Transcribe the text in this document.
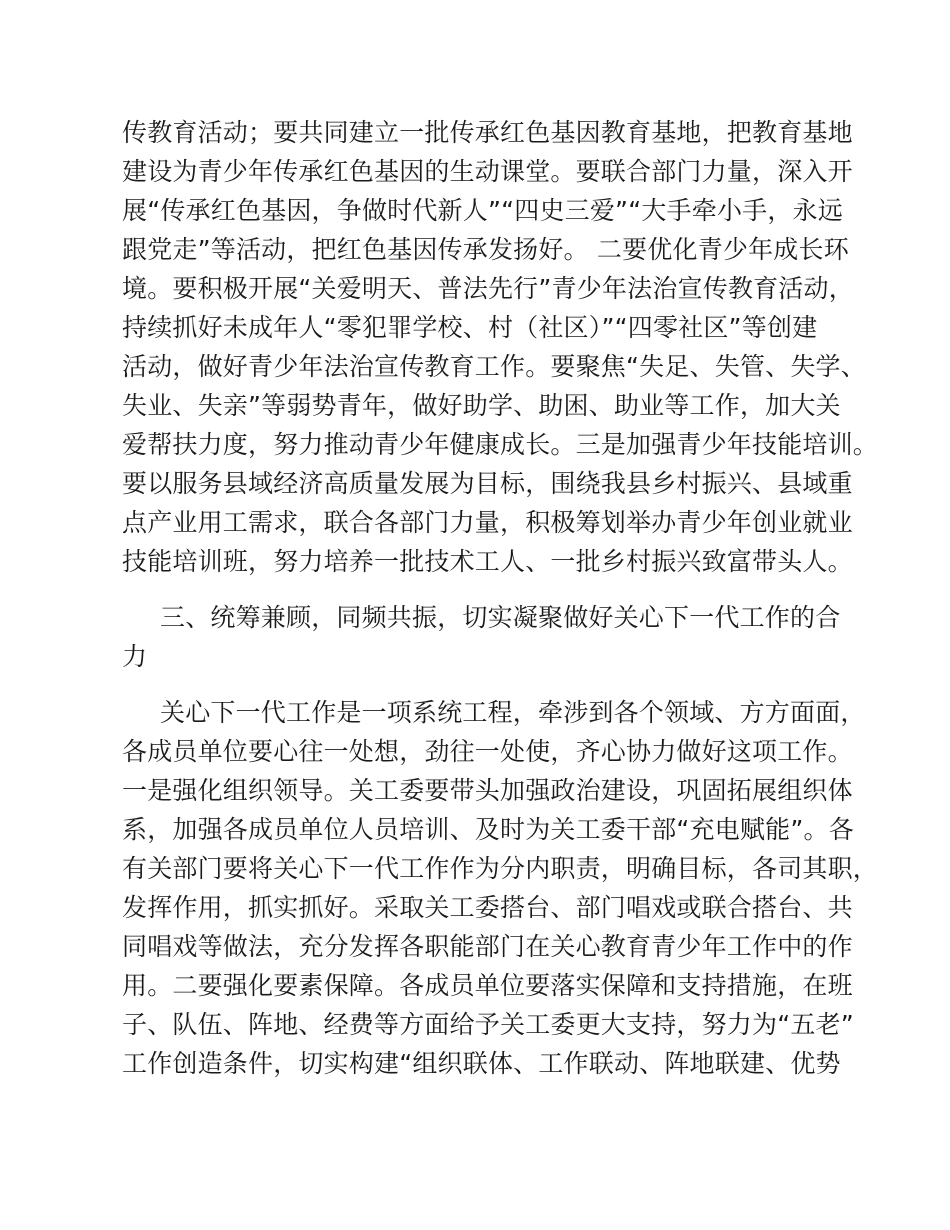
传教育活动；要共同建立一批传承红色基因教育基地，把教育基地
建设为青少年传承红色基因的生动课堂。要联合部门力量，深入开
展“传承红色基因，争做时代新人”“四史三爱”“大手牵小手，永远
跟党走”等活动，把红色基因传承发扬好。 二要优化青少年成长环
境。要积极开展“关爱明天、普法先行”青少年法治宣传教育活动，
持续抓好未成年人“零犯罪学校、村（社区）”“四零社区”等创建
活动，做好青少年法治宣传教育工作。要聚焦“失足、失管、失学、
失业、失亲”等弱势青年，做好助学、助困、助业等工作，加大关
爱帮扶力度，努力推动青少年健康成长。三是加强青少年技能培训。
要以服务县域经济高质量发展为目标，围绕我县乡村振兴、县域重
点产业用工需求，联合各部门力量，积极筹划举办青少年创业就业
技能培训班，努力培养一批技术工人、一批乡村振兴致富带头人。
三、统筹兼顾，同频共振，切实凝聚做好关心下一代工作的合
力
关心下一代工作是一项系统工程，牵涉到各个领域、方方面面，
各成员单位要心往一处想，劲往一处使，齐心协力做好这项工作。
一是强化组织领导。关工委要带头加强政治建设，巩固拓展组织体
系，加强各成员单位人员培训、及时为关工委干部“充电赋能”。各
有关部门要将关心下一代工作作为分内职责，明确目标，各司其职，
发挥作用，抓实抓好。采取关工委搭台、部门唱戏或联合搭台、共
同唱戏等做法，充分发挥各职能部门在关心教育青少年工作中的作
用。二要强化要素保障。各成员单位要落实保障和支持措施，在班
子、队伍、阵地、经费等方面给予关工委更大支持，努力为“五老”
工作创造条件，切实构建“组织联体、工作联动、阵地联建、优势
